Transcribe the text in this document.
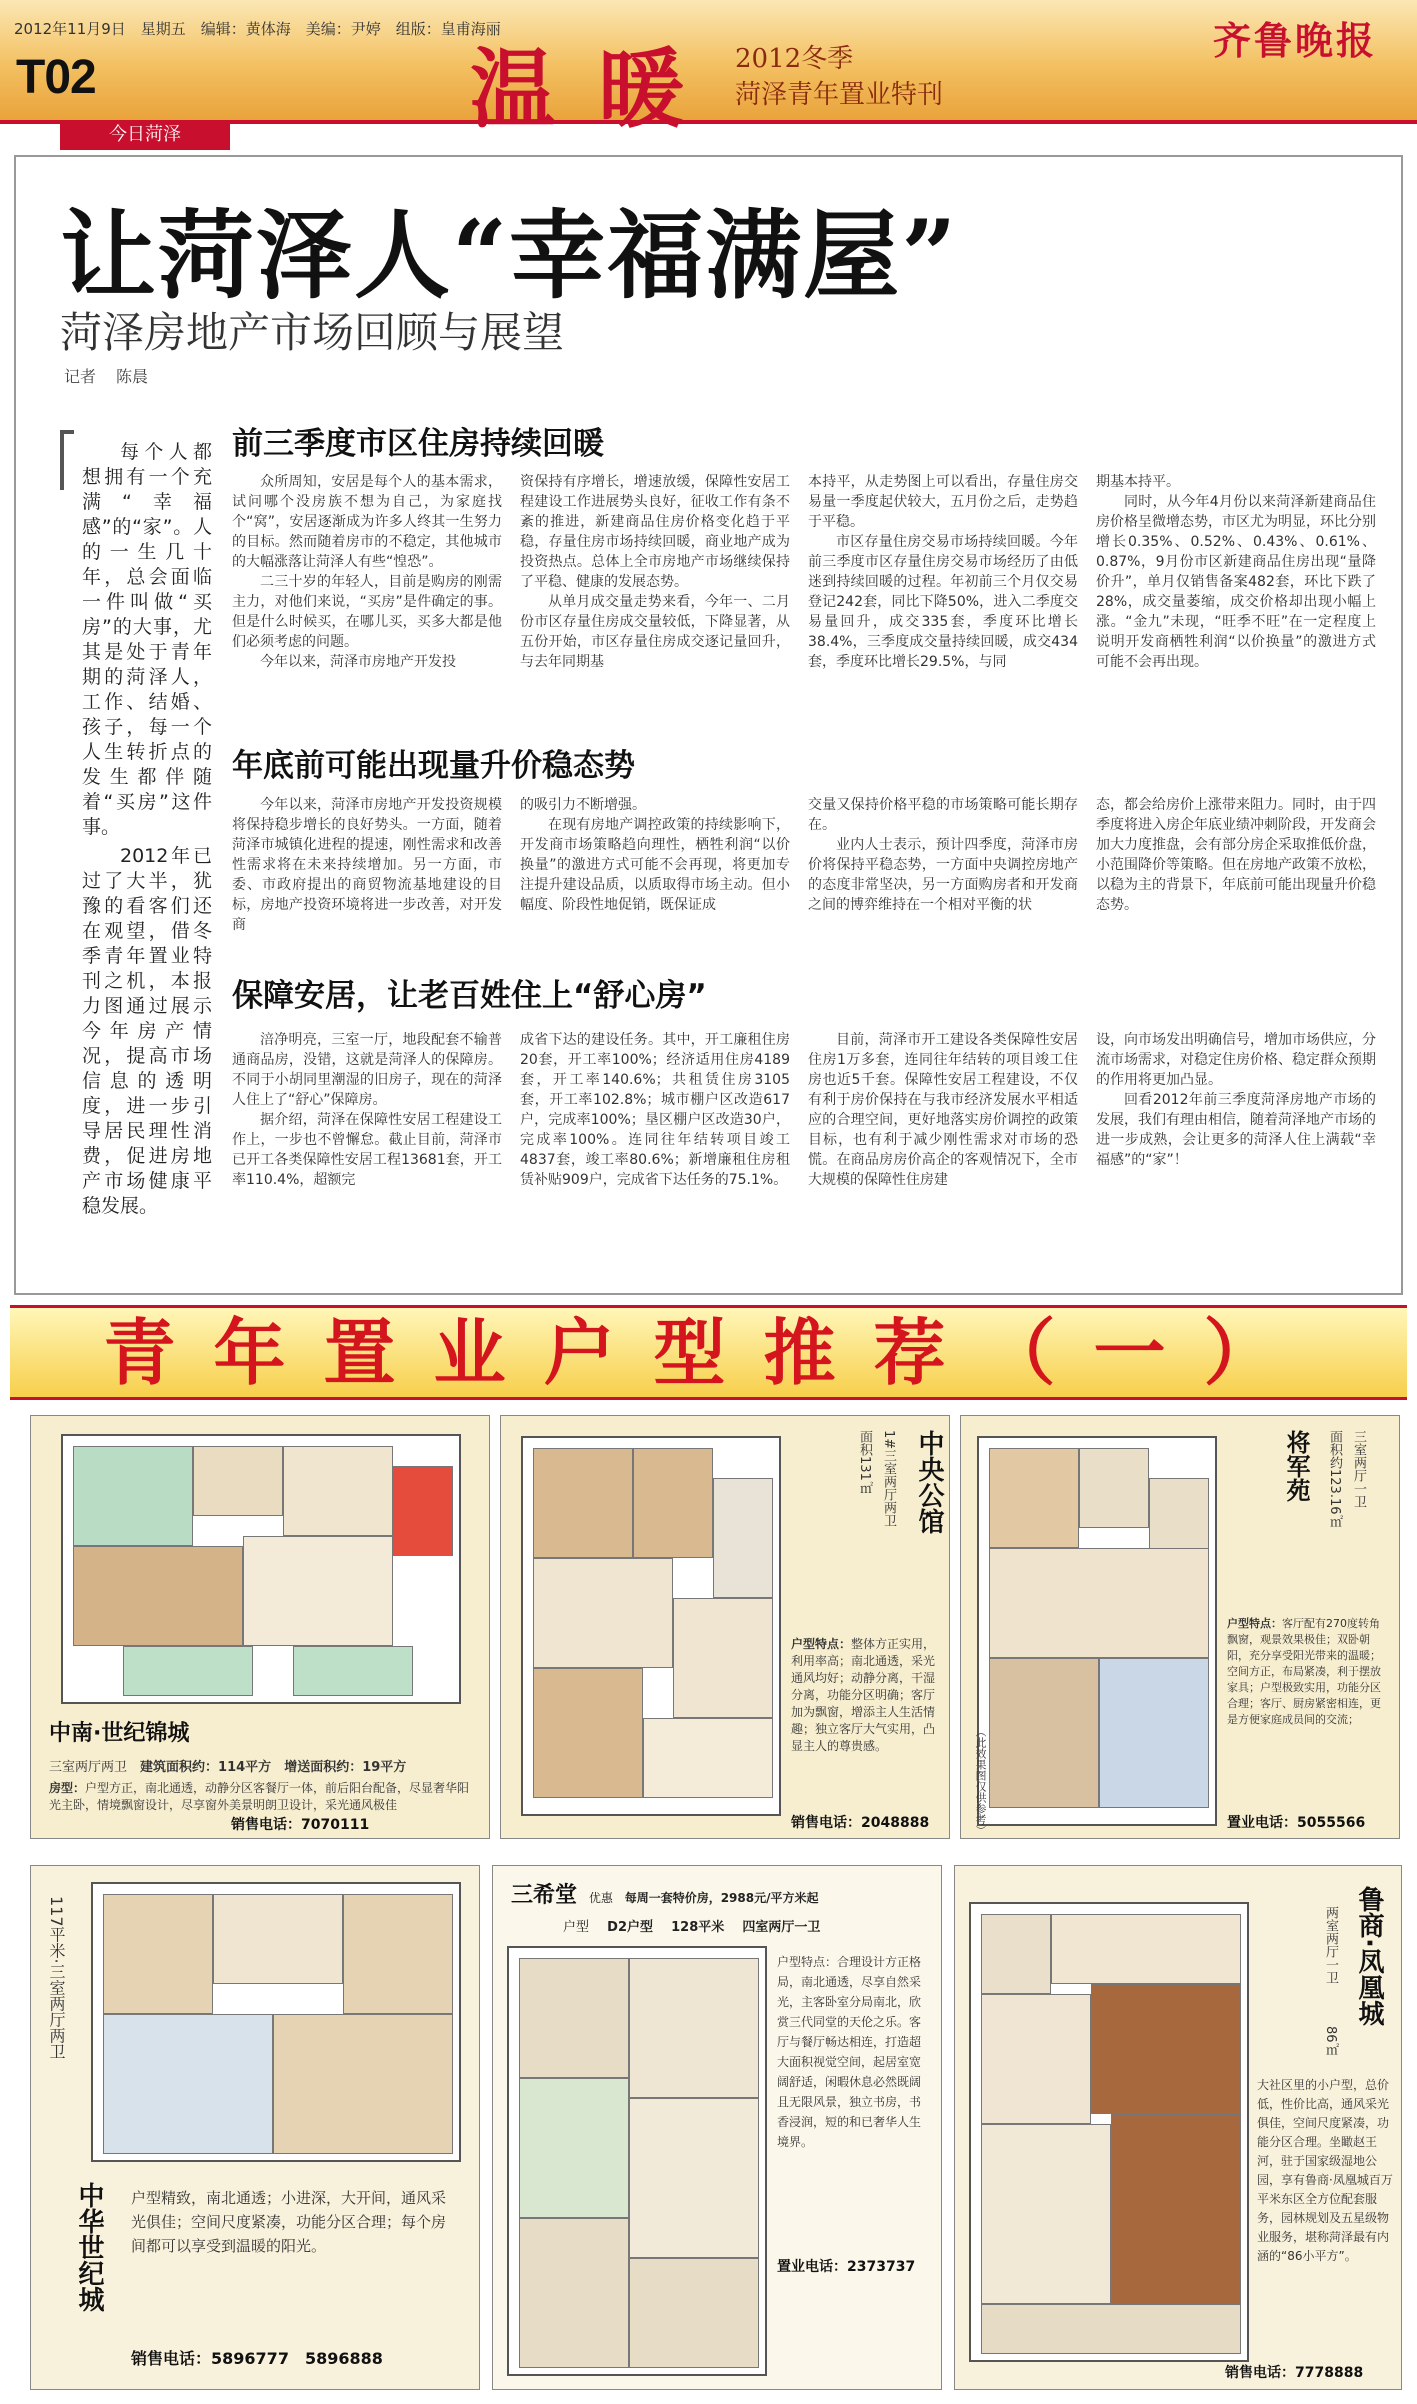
2012年11月9日　星期五　编辑：黄体海　美编：尹婷　组版：皇甫海丽
T02
今日菏泽	温暖 2012冬季
菏泽青年置业特刊
齐鲁晚报
让菏泽人“幸福满屋”
菏泽房地产市场回顾与展望
记者 陈晨

每个人都想拥有一个充满“幸福感”的“家”。人的一生几十年，总会面临一件叫做“买房”的大事，尤其是处于青年期的菏泽人，工作、结婚、孩子，每一个人生转折点的发生都伴随着“买房”这件事。

2012年已过了大半，犹豫的看客们还在观望，借冬季青年置业特刊之机，本报力图通过展示今年房产情况，提高市场信息的透明度，进一步引导居民理性消费，促进房地产市场健康平稳发展。

前三季度市区住房持续回暖

众所周知，安居是每个人的基本需求，试问哪个没房族不想为自己，为家庭找个“窝”，安居逐渐成为许多人终其一生努力的目标。然而随着房市的不稳定，其他城市的大幅涨落让菏泽人有些“惶恐”。

二三十岁的年轻人，目前是购房的刚需主力，对他们来说，“买房”是件确定的事。但是什么时候买，在哪儿买，买多大都是他们必须考虑的问题。

今年以来，菏泽市房地产开发投

资保持有序增长，增速放缓，保障性安居工程建设工作进展势头良好，征收工作有条不紊的推进，新建商品住房价格变化趋于平稳，存量住房市场持续回暖，商业地产成为投资热点。总体上全市房地产市场继续保持了平稳、健康的发展态势。

从单月成交量走势来看，今年一、二月份市区存量住房成交量较低，下降显著，从五份开始，市区存量住房成交逐记量回升，与去年同期基

本持平，从走势图上可以看出，存量住房交易量一季度起伏较大，五月份之后，走势趋于平稳。

市区存量住房交易市场持续回暖。今年前三季度市区存量住房交易市场经历了由低迷到持续回暖的过程。年初前三个月仅交易登记242套，同比下降50%，进入二季度交易量回升，成交335套，季度环比增长38.4%，三季度成交量持续回暖，成交434套，季度环比增长29.5%，与同

期基本持平。

同时，从今年4月份以来菏泽新建商品住房价格呈微增态势，市区尤为明显，环比分别增长0.35%、0.52%、0.43%、0.61%、0.87%，9月份市区新建商品住房出现“量降价升”，单月仅销售备案482套，环比下跌了28%，成交量萎缩，成交价格却出现小幅上涨。“金九”未现，“旺季不旺”在一定程度上说明开发商栖牲利润“以价换量”的激进方式可能不会再出现。

年底前可能出现量升价稳态势

今年以来，菏泽市房地产开发投资规模将保持稳步增长的良好势头。一方面，随着菏泽市城镇化进程的提速，刚性需求和改善性需求将在未来持续增加。另一方面，市委、市政府提出的商贸物流基地建设的目标，房地产投资环境将进一步改善，对开发商

的吸引力不断增强。

在现有房地产调控政策的持续影响下，开发商市场策略趋向理性，栖牲利润“以价换量”的激进方式可能不会再现，将更加专注提升建设品质，以质取得市场主动。但小幅度、阶段性地促销，既保证成

交量又保持价格平稳的市场策略可能长期存在。

业内人士表示，预计四季度，菏泽市房价将保持平稳态势，一方面中央调控房地产的态度非常坚决，另一方面购房者和开发商之间的博弈维持在一个相对平衡的状

态，都会给房价上涨带来阻力。同时，由于四季度将进入房企年底业绩冲刺阶段，开发商会加大力度推盘，会有部分房企采取推低价盘，小范围降价等策略。但在房地产政策不放松，以稳为主的背景下，年底前可能出现量升价稳态势。

保障安居，让老百姓住上“舒心房”

涪净明亮，三室一厅，地段配套不输普通商品房，没错，这就是菏泽人的保障房。不同于小胡同里潮湿的旧房子，现在的菏泽人住上了“舒心”保障房。

据介绍，菏泽在保障性安居工程建设工作上，一步也不曾懈怠。截止目前，菏泽市已开工各类保障性安居工程13681套，开工率110.4%，超额完

成省下达的建设任务。其中，开工廉租住房20套，开工率100%；经济适用住房4189套，开工率140.6%；共租赁住房3105套，开工率102.8%；城市棚户区改造617户，完成率100%；垦区棚户区改造30户，完成率100%。连同往年结转项目竣工4837套，竣工率80.6%；新增廉租住房租赁补贴909户，完成省下达任务的75.1%。

目前，菏泽市开工建设各类保障性安居住房1万多套，连同往年结转的项目竣工住房也近5千套。保障性安居工程建设，不仅有利于房价保持在与我市经济发展水平相适应的合理空间，更好地落实房价调控的政策目标，也有利于减少刚性需求对市场的恐慌。在商品房房价高企的客观情况下，全市大规模的保障性住房建

设，向市场发出明确信号，增加市场供应，分流市场需求，对稳定住房价格、稳定群众预期的作用将更加凸显。

回看2012年前三季度菏泽房地产市场的发展，我们有理由相信，随着菏泽地产市场的进一步成熟，会让更多的菏泽人住上满载“幸福感”的“家”！

青年置业户型推荐（一）
中南·世纪锦城
三室两厅两卫　 建筑面积约：114平方　 增送面积约：19平方
房型：户型方正，南北通透，动静分区客餐厅一体，前后阳台配备，尽显奢华阳光主卧，情境飘窗设计，尽享窗外美景明朗卫设计，采光通风极佳
销售电话：7070111
中央公馆
1#三室两厅两卫
面积131㎡
户型特点：整体方正实用，利用率高；南北通透，采光通风均好；动静分离，干湿分离，功能分区明确；客厅加为飘窗，增添主人生活情趣；独立客厅大气实用，凸显主人的尊贵感。
销售电话：2048888
将军苑	三室两厅一卫
面积约123.16㎡
户型特点：客厅配有270度转角飘窗，观景效果极佳；双卧朝阳，充分享受阳光带来的温暖；空间方正，布局紧凑，利于摆放家具；户型极致实用，功能分区合理；客厅、厨房紧密相连，更是方便家庭成员间的交流；
（此效果图仅供参考）	置业电话：5055566
117平米·三室两厅两卫
中华世纪城 户型精致，南北通透；小进深，大开间，通风采光俱佳；空间尺度紧凑，功能分区合理；每个房间都可以享受到温暖的阳光。
销售电话：5896777　5896888
三希堂 优惠 每周一套特价房，2988元/平方米起
户型 D2户型 128平米 四室两厅一卫
户型特点：合理设计方正格局，南北通透，尽享自然采光，主客卧室分局南北，欣赏三代同堂的天伦之乐。客厅与餐厅畅达相连，打造超大面积视觉空间，起居室宽阔舒适，闲暇休息必然既阔且无限风景，独立书房，书香浸润，短的和已奢华人生境界。
置业电话：2373737
鲁商·凤凰城
两室两厅一卫
86㎡
大社区里的小户型，总价低，性价比高，通风采光俱佳，空间尺度紧凑，功能分区合理。坐瞰赵王河，驻于国家级湿地公园，享有鲁商·凤凰城百万平米东区全方位配套服务，园林规划及五星级物业服务，堪称菏泽最有内涵的“86小平方”。
销售电话：7778888
